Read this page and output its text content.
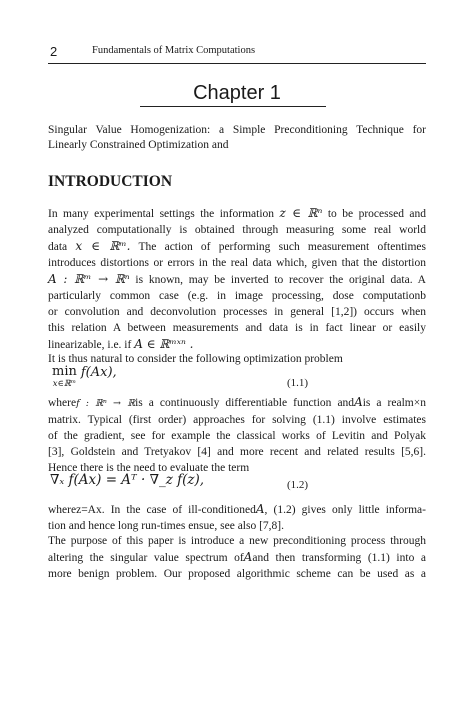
2	Fundamentals of Matrix Computations
Chapter 1
Singular Value Homogenization: a Simple Preconditioning Technique for
Linearly Constrained Optimization and
INTRODUCTION
In many experimental settings the information z ∈ ℝⁿ to be processed and
analyzed computationally is obtained through measuring some real world
data x ∈ ℝᵐ. The action of performing such measurement oftentimes
introduces distortions or errors in the real data which, given that the distortion
A : ℝᵐ → ℝⁿ is known, may be inverted to recover the original data. A
particularly common case (e.g. in image processing, dose computationb
or convolution and deconvolution processes in general [1,2]) occurs when
this relation A between measurements and data is in fact linear or easily
linearizable, i.e. if A ∈ ℝᵐˣⁿ .
It is thus natural to consider the following optimization problem
min
x∈ℝᵐ
$^{f(Ax),}$
(1.1)
wheref : ℝⁿ → ℝis a continuously differentiable function andAis a realm×n
matrix. Typical (first order) approaches for solving (1.1) involve estimates
of the gradient, see for example the classical works of Levitin and Polyak
[3], Goldstein and Tretyakov [4] and more recent and related results [5,6].
Hence there is the need to evaluate the term
∇ₓ f(Ax) = Aᵀ · ∇_z f(z),	(1.2)
wherez=Ax. In the case of ill-conditionedA, (1.2) gives only little informa-
tion and hence long run-times ensue, see also [7,8].
The purpose of this paper is introduce a new preconditioning process through
altering the singular value spectrum ofAand then transforming (1.1) into a
more benign problem. Our proposed algorithmic scheme can be used as a
